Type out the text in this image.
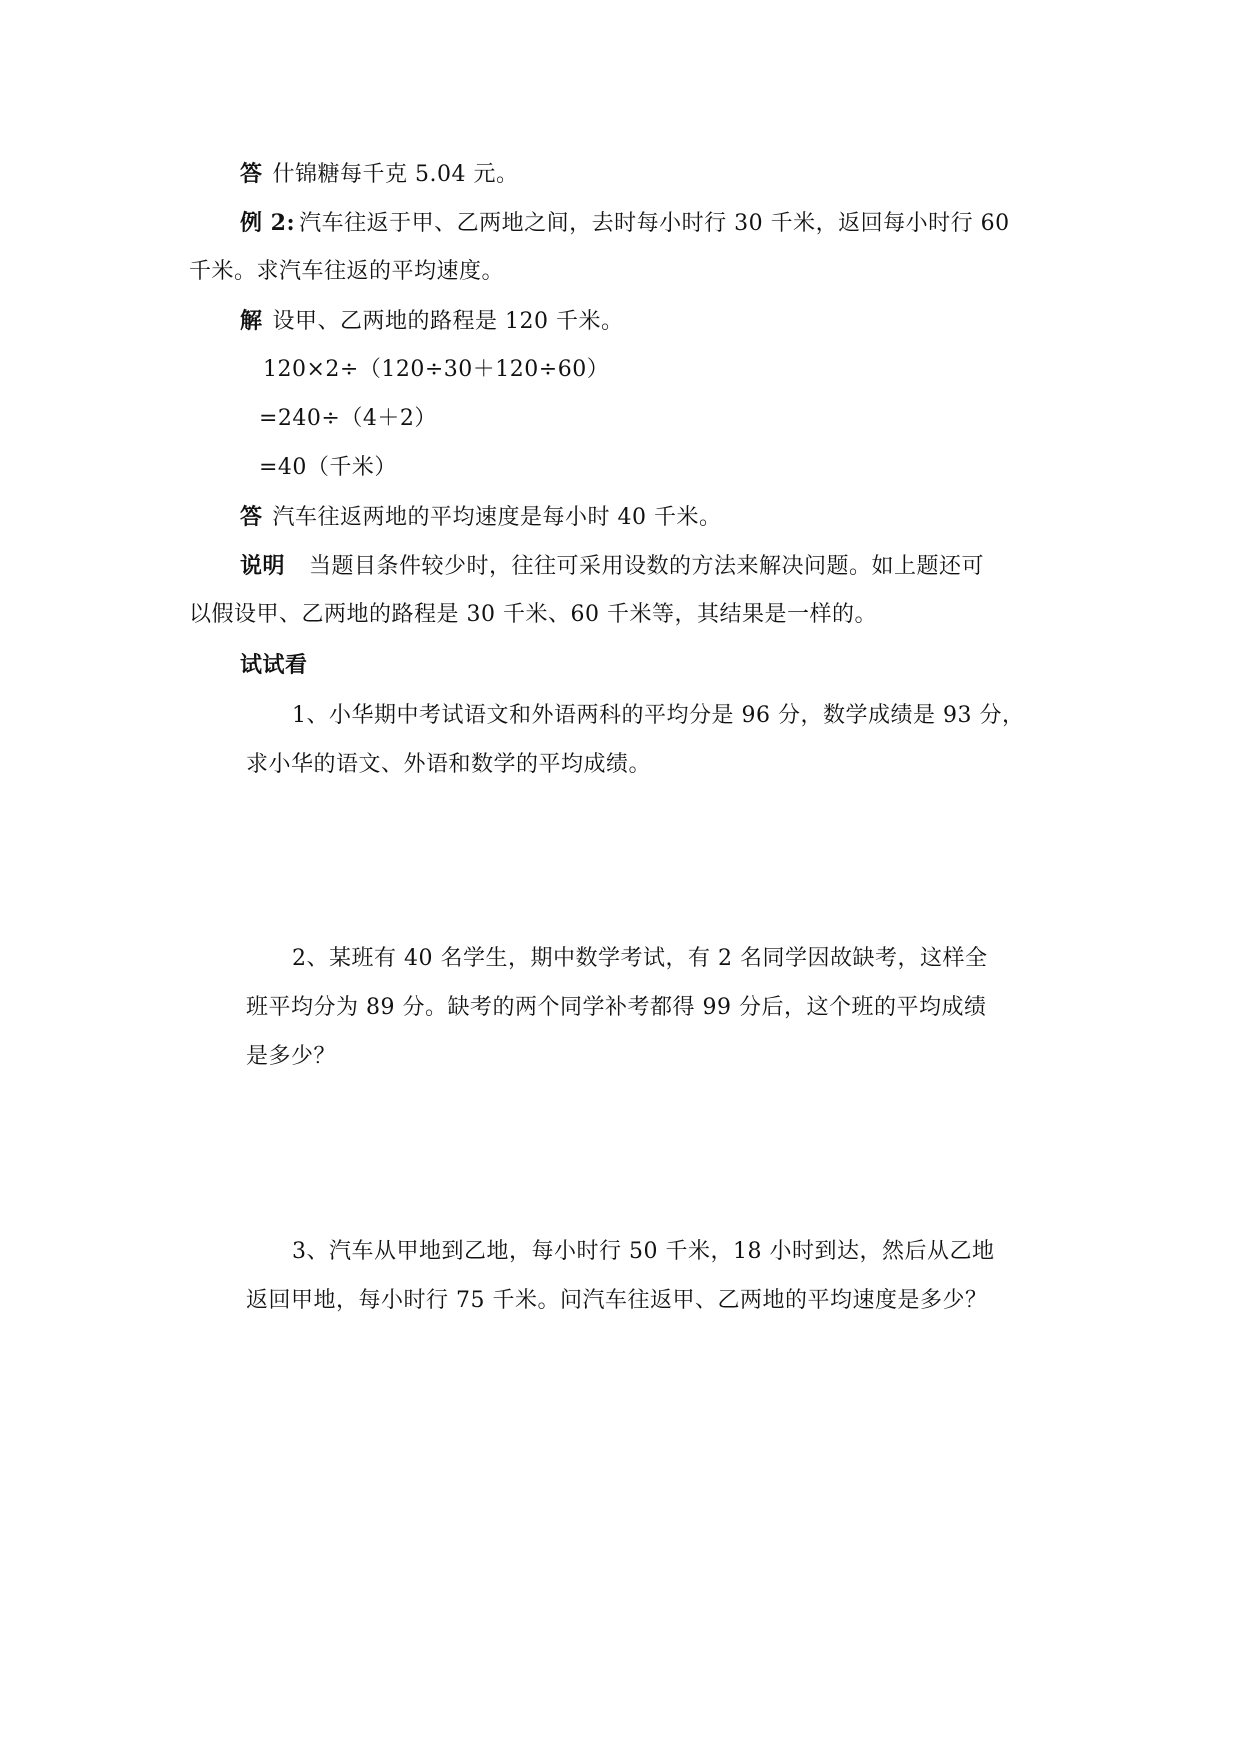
答 什锦糖每千克 5.04 元。
例 2: 汽车往返于甲、乙两地之间，去时每小时行 30 千米，返回每小时行 60
千米。求汽车往返的平均速度。
解 设甲、乙两地的路程是 120 千米。
120×2÷（120÷30＋120÷60）
=240÷（4＋2）
=40（千米）
答 汽车往返两地的平均速度是每小时 40 千米。
说明 当题目条件较少时，往往可采用设数的方法来解决问题。如上题还可
以假设甲、乙两地的路程是 30 千米、60 千米等，其结果是一样的。
试试看
1、小华期中考试语文和外语两科的平均分是 96 分，数学成绩是 93 分，
求小华的语文、外语和数学的平均成绩。
2、某班有 40 名学生，期中数学考试，有 2 名同学因故缺考，这样全
班平均分为 89 分。缺考的两个同学补考都得 99 分后，这个班的平均成绩
是多少？
3、汽车从甲地到乙地，每小时行 50 千米，18 小时到达，然后从乙地
返回甲地，每小时行 75 千米。问汽车往返甲、乙两地的平均速度是多少？
